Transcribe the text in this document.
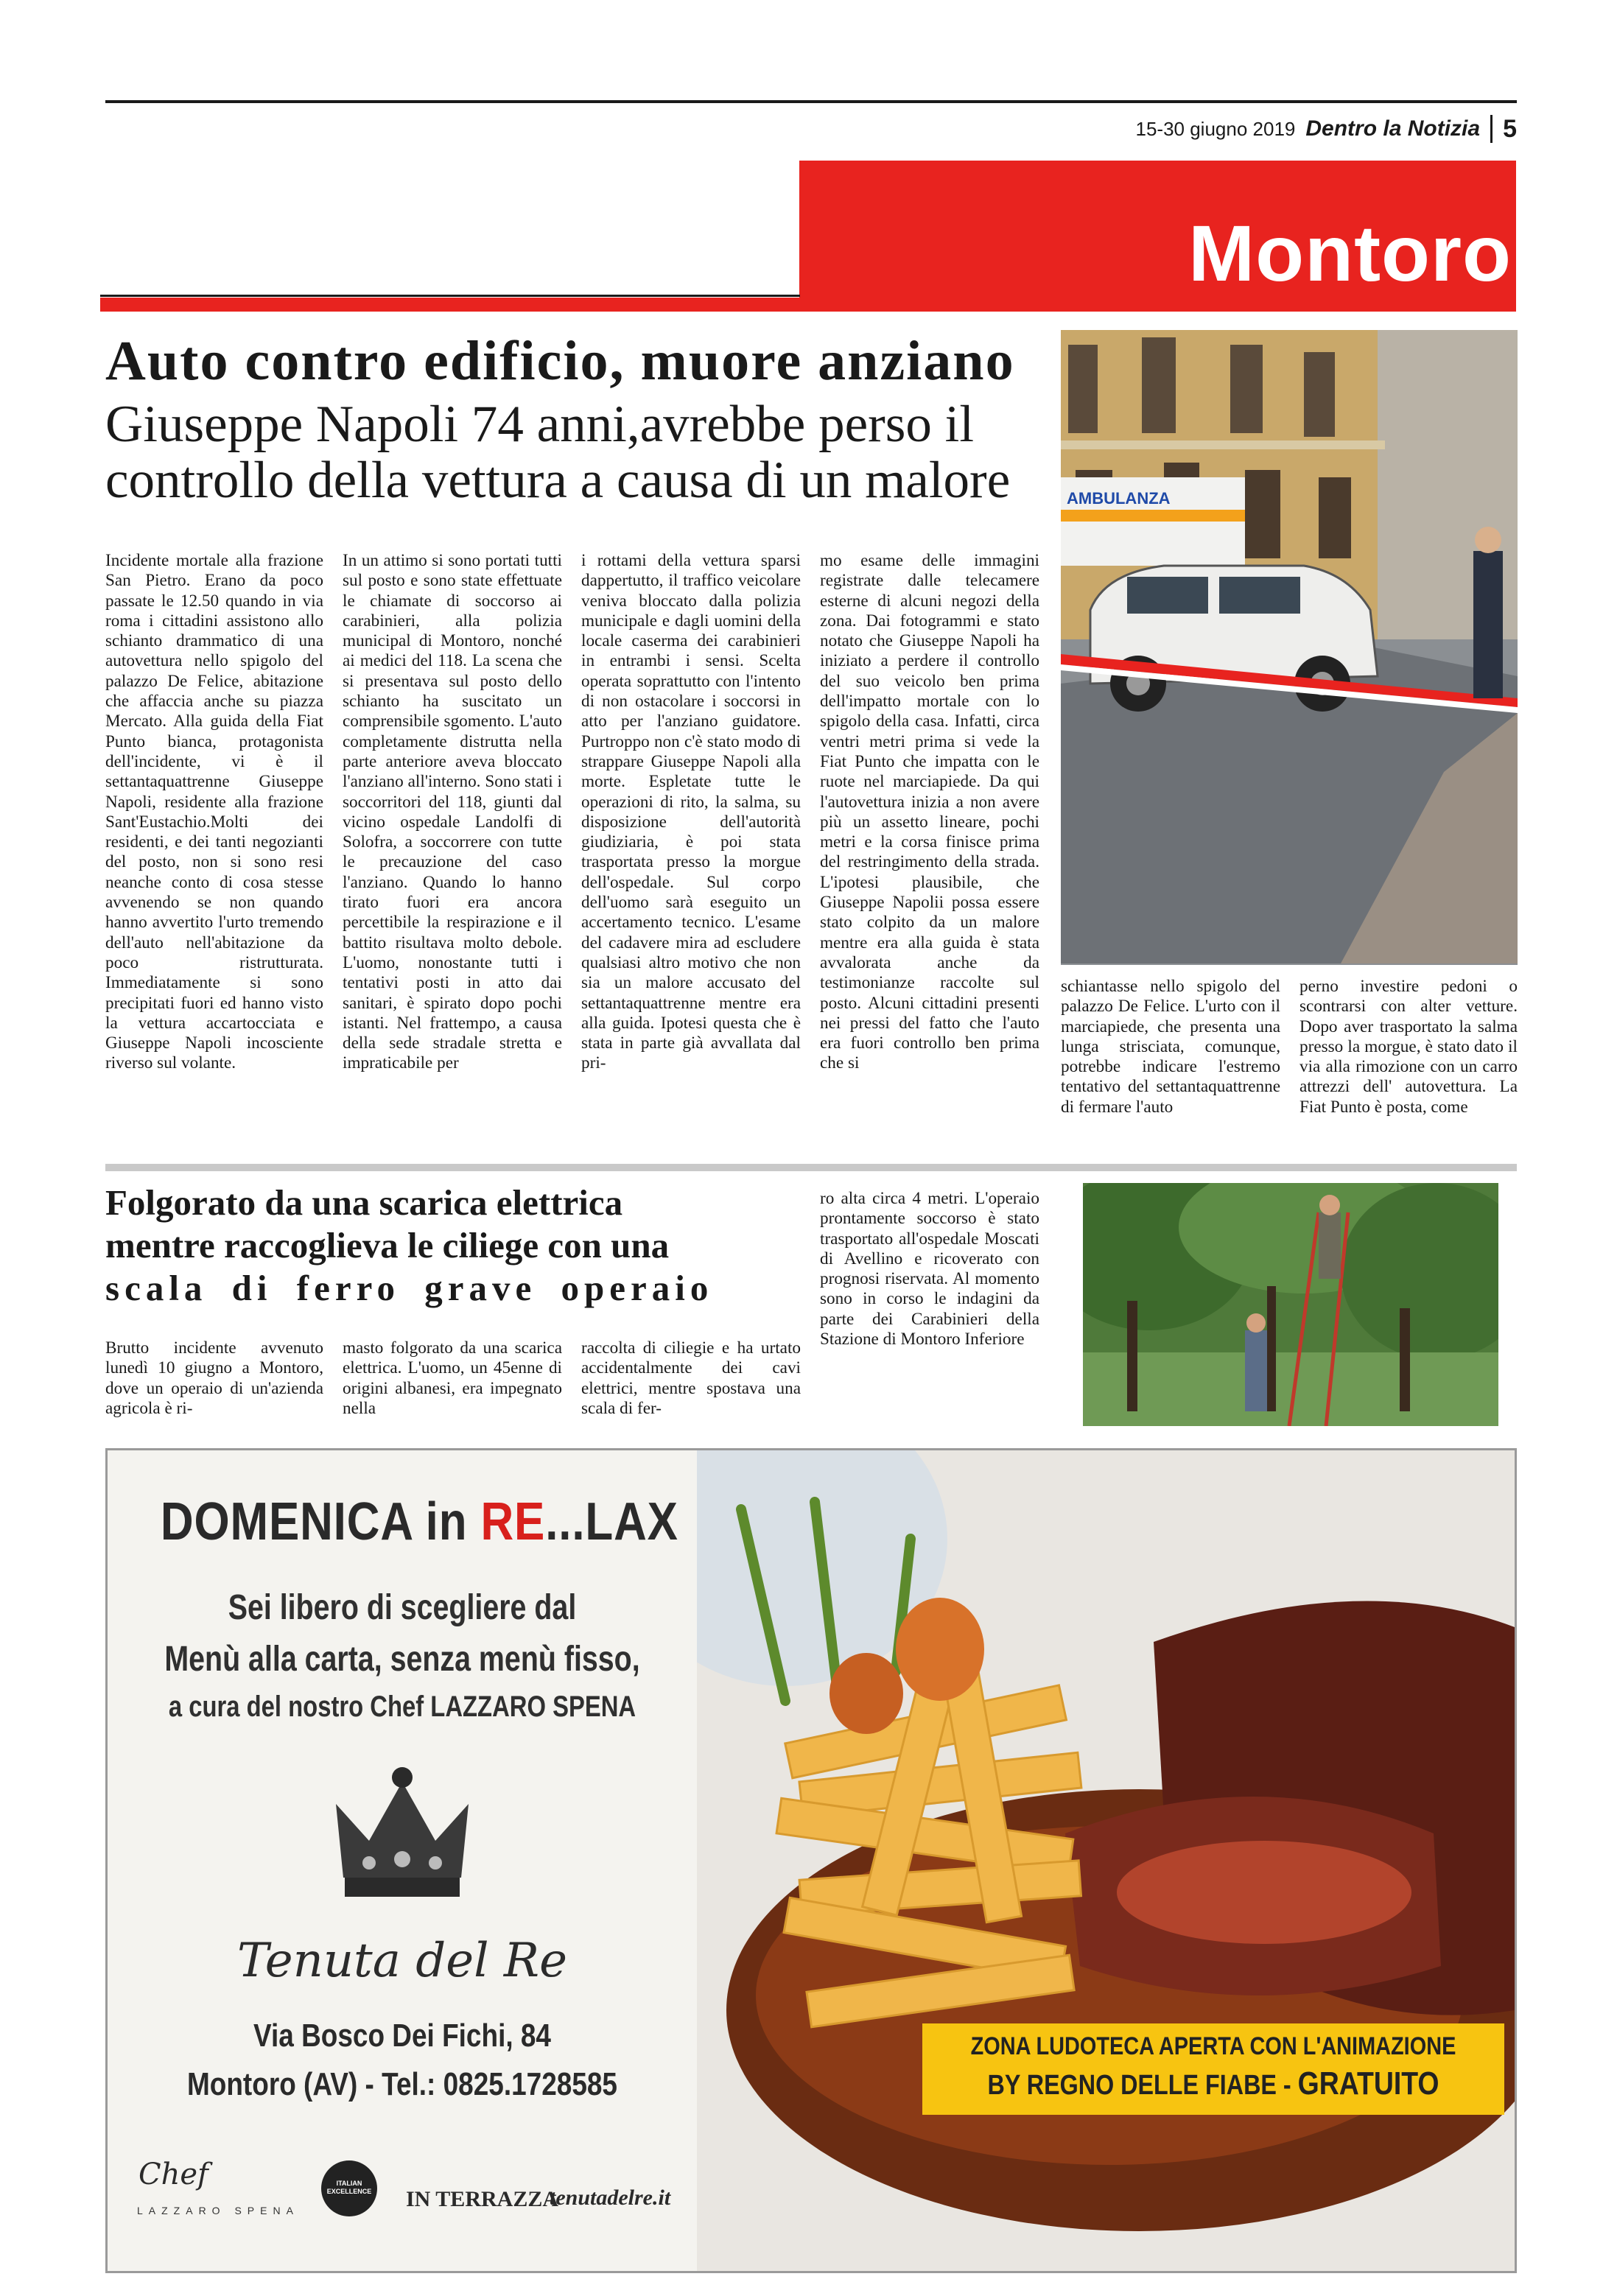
15-30 giugno 2019 Dentro la Notizia 5
Montoro
Auto contro edificio, muore anziano
Giuseppe Napoli 74 anni,avrebbe perso il controllo della vettura a causa di un malore
Incidente mortale alla frazione San Pietro. Erano da poco passate le 12.50 quando in via roma i cittadini assistono allo schianto drammatico di una autovettura nello spigolo del palazzo De Felice, abitazione che affaccia anche su piazza Mercato. Alla guida della Fiat Punto bianca, protagonista dell'incidente, vi è il settantaquattrenne Giuseppe Napoli, residente alla frazione Sant'Eustachio.Molti dei residenti, e dei tanti negozianti del posto, non si sono resi neanche conto di cosa stesse avvenendo se non quando hanno avvertito l'urto tremendo dell'auto nell'abitazione da poco ristrutturata. Immediatamente si sono precipitati fuori ed hanno visto la vettura accartocciata e Giuseppe Napoli incosciente riverso sul volante.
In un attimo si sono portati tutti sul posto e sono state effettuate le chiamate di soccorso ai carabinieri, alla polizia municipal di Montoro, nonché ai medici del 118. La scena che si presentava sul posto dello schianto ha suscitato un comprensibile sgomento. L'auto completamente distrutta nella parte anteriore aveva bloccato l'anziano all'interno. Sono stati i soccorritori del 118, giunti dal vicino ospedale Landolfi di Solofra, a soccorrere con tutte le precauzione del caso l'anziano. Quando lo hanno tirato fuori era ancora percettibile la respirazione e il battito risultava molto debole. L'uomo, nonostante tutti i tentativi posti in atto dai sanitari, è spirato dopo pochi istanti. Nel frattempo, a causa della sede stradale stretta e impraticabile per
i rottami della vettura sparsi dappertutto, il traffico veicolare veniva bloccato dalla polizia municipale e dagli uomini della locale caserma dei carabinieri in entrambi i sensi. Scelta operata soprattutto con l'intento di non ostacolare i soccorsi in atto per l'anziano guidatore. Purtroppo non c'è stato modo di strappare Giuseppe Napoli alla morte. Espletate tutte le operazioni di rito, la salma, su disposizione dell'autorità giudiziaria, è poi stata trasportata presso la morgue dell'ospedale. Sul corpo dell'uomo sarà eseguito un accertamento tecnico. L'esame del cadavere mira ad escludere qualsiasi altro motivo che non sia un malore accusato del settantaquattrenne mentre era alla guida. Ipotesi questa che è stata in parte già avvallata dal pri-
mo esame delle immagini registrate dalle telecamere esterne di alcuni negozi della zona. Dai fotogrammi e stato notato che Giuseppe Napoli ha iniziato a perdere il controllo del suo veicolo ben prima dell'impatto mortale con lo spigolo della casa. Infatti, circa ventri metri prima si vede la Fiat Punto che impatta con le ruote nel marciapiede. Da qui l'autovettura inizia a non avere più un assetto lineare, pochi metri e la corsa finisce prima del restringimento della strada. L'ipotesi plausibile, che Giuseppe Napolii possa essere stato colpito da un malore mentre era alla guida è stata avvalorata anche da testimonianze raccolte sul posto. Alcuni cittadini presenti nei pressi del fatto che l'auto era fuori controllo ben prima che si
schiantasse nello spigolo del palazzo De Felice. L'urto con il marciapiede, che presenta una lunga strisciata, comunque, potrebbe indicare l'estremo tentativo del settantaquattrenne di fermare l'auto
perno investire pedoni o scontrarsi con alter vetture. Dopo aver trasportato la salma presso la morgue, è stato dato il via alla rimozione con un carro attrezzi dell' autovettura. La Fiat Punto è posta, come
AMBULANZA
Folgorato da una scarica elettrica
mentre raccoglieva le ciliege con una
scala di ferro grave operaio
Brutto incidente avvenuto lunedì 10 giugno a Montoro, dove un operaio di un'azienda agricola è ri-
masto folgorato da una scarica elettrica. L'uomo, un 45enne di origini albanesi, era impegnato nella
raccolta di ciliegie e ha urtato accidentalmente dei cavi elettrici, mentre spostava una scala di fer-
ro alta circa 4 metri. L'operaio prontamente soccorso è stato trasportato all'ospedale Moscati di Avellino e ricoverato con prognosi riservata. Al momento sono in corso le indagini da parte dei Carabinieri della Stazione di Montoro Inferiore
DOMENICA in RE...LAX
Sei libero di scegliere dal
Menù alla carta, senza menù fisso,
a cura del nostro Chef LAZZARO SPENA
Tenuta del Re
Via Bosco Dei Fichi, 84
Montoro (AV) - Tel.: 0825.1728585
Chef
LAZZARO SPENA
ITALIAN EXCELLENCE IN TERRAZZA
tenutadelre.it
ZONA LUDOTECA APERTA CON L'ANIMAZIONE
BY REGNO DELLE FIABE - GRATUITO
